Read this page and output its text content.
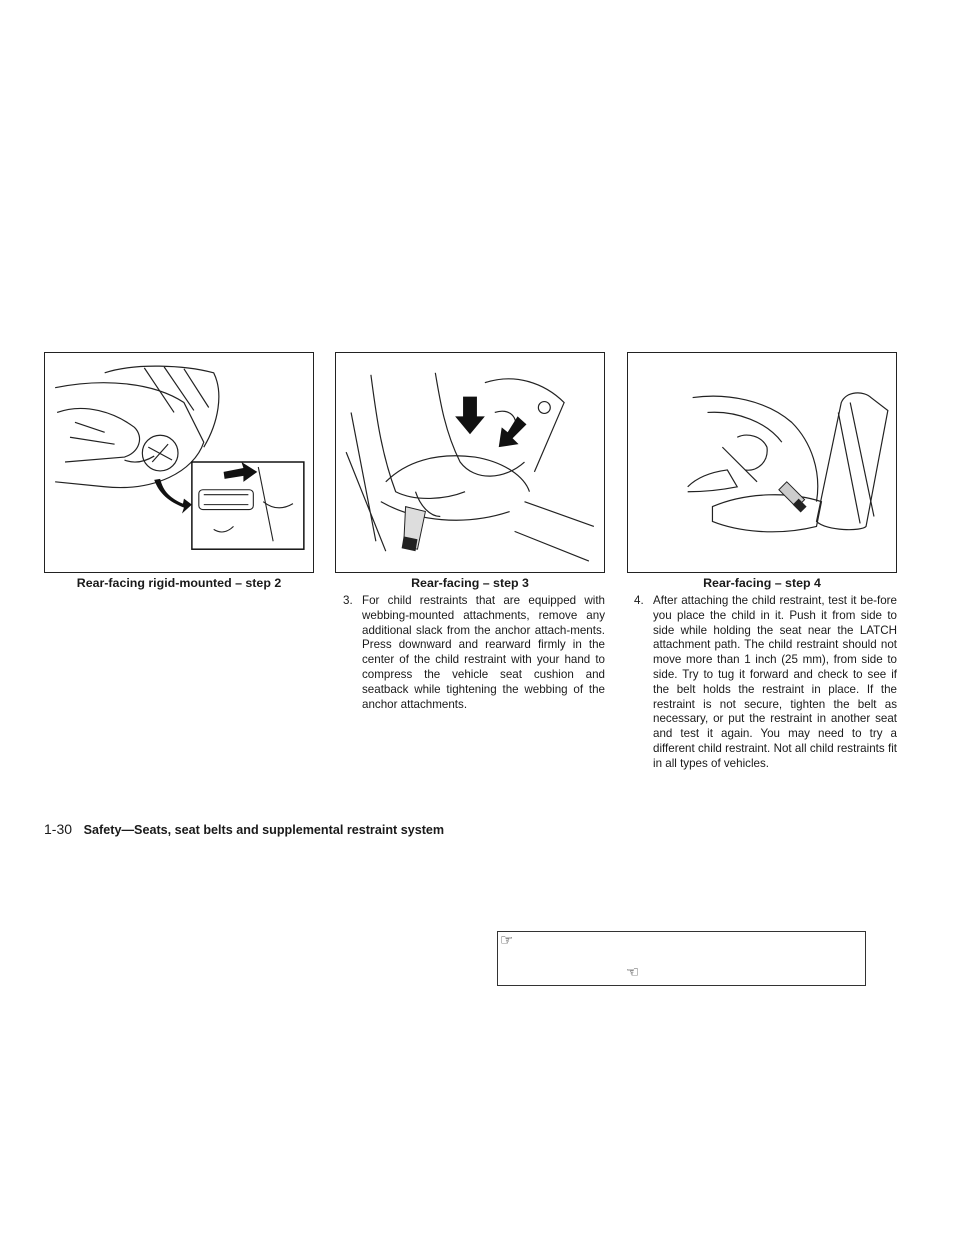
Rear-facing rigid-mounted – step 2	Rear-facing – step 3	Rear-facing – step 4
3. For child restraints that are equipped with webbing-mounted attachments, remove any additional slack from the anchor attach-ments. Press downward and rearward firmly in the center of the child restraint with your hand to compress the vehicle seat cushion and seatback while tightening the webbing of the anchor attachments.
4. After attaching the child restraint, test it be-fore you place the child in it. Push it from side to side while holding the seat near the LATCH attachment path. The child restraint should not move more than 1 inch (25 mm), from side to side. Try to tug it forward and check to see if the belt holds the restraint in place. If the restraint is not secure, tighten the belt as necessary, or put the restraint in another seat and test it again. You may need to try a different child restraint. Not all child restraints fit in all types of vehicles.
1-30 Safety—Seats, seat belts and supplemental restraint system
☞
☜
